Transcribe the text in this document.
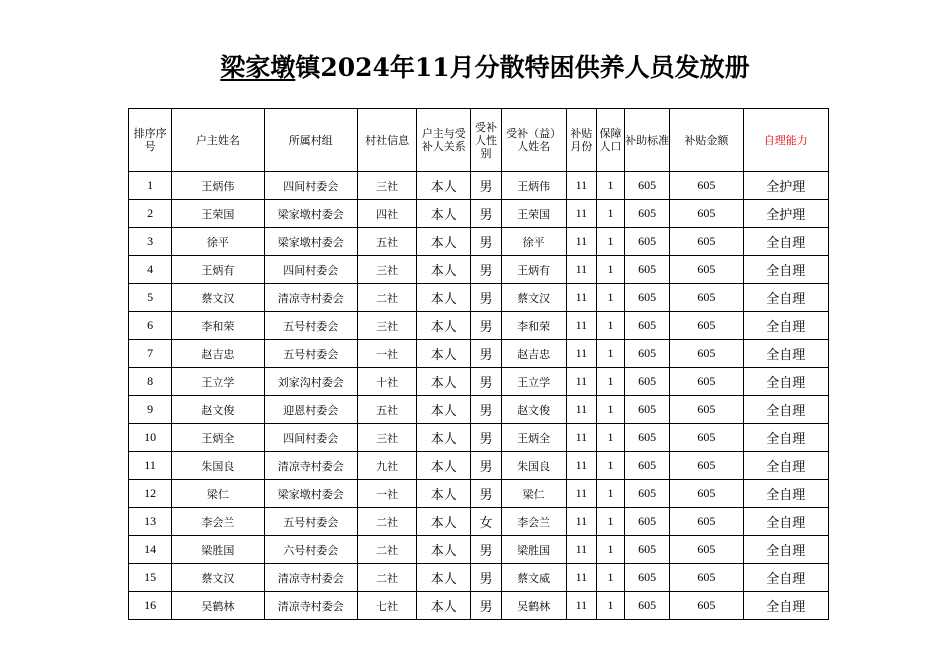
梁家墩镇2024年11月分散特困供养人员发放册
排序序号	户主姓名	所属村组	村社信息	户主与受补人关系	受补人性别	受补（益）人姓名	补贴月份	保障人口	补助标准	补贴金额	自理能力
1	王炳伟	四间村委会	三社	本人	男	王炳伟	11	1	605	605	全护理
2	王荣国	梁家墩村委会	四社	本人	男	王荣国	11	1	605	605	全护理
3	徐平	梁家墩村委会	五社	本人	男	徐平	11	1	605	605	全自理
4	王炳有	四间村委会	三社	本人	男	王炳有	11	1	605	605	全自理
5	蔡文汉	清凉寺村委会	二社	本人	男	蔡文汉	11	1	605	605	全自理
6	李和荣	五号村委会	三社	本人	男	李和荣	11	1	605	605	全自理
7	赵吉忠	五号村委会	一社	本人	男	赵吉忠	11	1	605	605	全自理
8	王立学	刘家沟村委会	十社	本人	男	王立学	11	1	605	605	全自理
9	赵文俊	迎恩村委会	五社	本人	男	赵文俊	11	1	605	605	全自理
10	王炳全	四间村委会	三社	本人	男	王炳全	11	1	605	605	全自理
11	朱国良	清凉寺村委会	九社	本人	男	朱国良	11	1	605	605	全自理
12	梁仁	梁家墩村委会	一社	本人	男	梁仁	11	1	605	605	全自理
13	李会兰	五号村委会	二社	本人	女	李会兰	11	1	605	605	全自理
14	梁胜国	六号村委会	二社	本人	男	梁胜国	11	1	605	605	全自理
15	蔡文汉	清凉寺村委会	二社	本人	男	蔡文威	11	1	605	605	全自理
16	吴鹤林	清凉寺村委会	七社	本人	男	吴鹤林	11	1	605	605	全自理
